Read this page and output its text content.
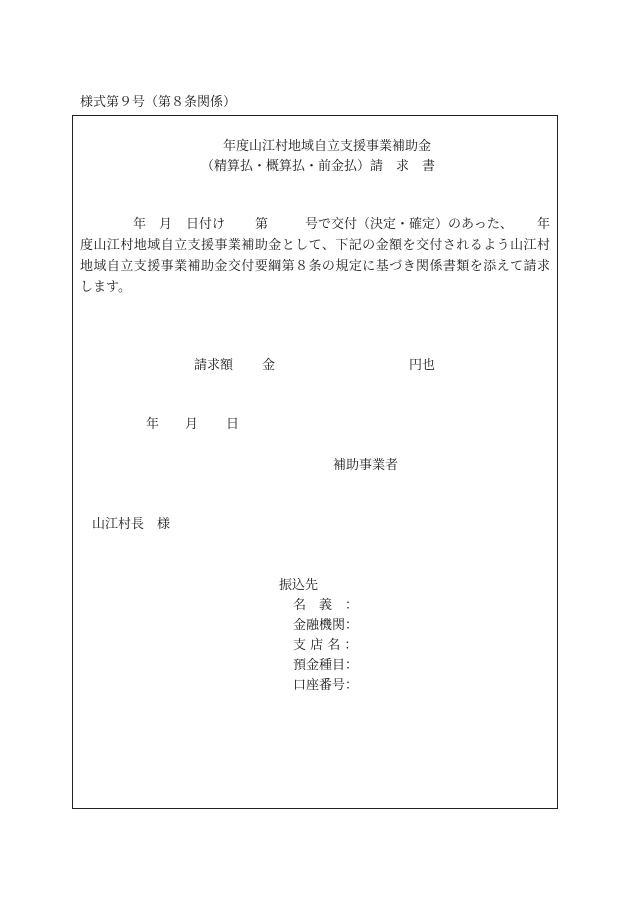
様式第９号（第８条関係）
年度山江村地域自立支援事業補助金
（精算払・概算払・前金払）請　求　書
年 月 日付け 第	号で交付（決定・確定）のあった、 年
度山江村地域自立支援事業補助金として、下記の金額を交付されるよう山江村
地域自立支援事業補助金交付要綱第８条の規定に基づき関係書類を添えて請求
します。
請求額 金	円也
年 月 日
補助事業者
山江村長　様
振込先
名　義　：
金融機関：
支 店 名 ：
預金種目：
口座番号：
